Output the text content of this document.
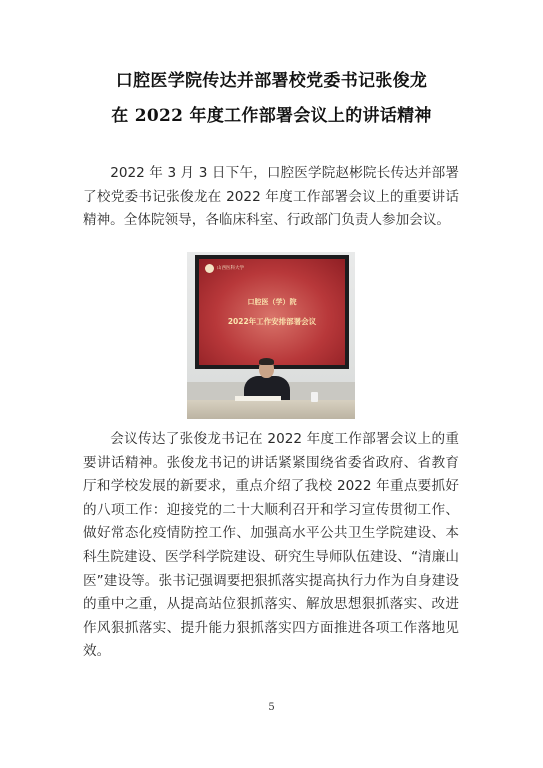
口腔医学院传达并部署校党委书记张俊龙
在 2022 年度工作部署会议上的讲话精神

2022 年 3 月 3 日下午，口腔医学院赵彬院长传达并部署了校党委书记张俊龙在 2022 年度工作部署会议上的重要讲话精神。全体院领导，各临床科室、行政部门负责人参加会议。

山西医科大学
口腔医（学）院
2022年工作安排部署会议

会议传达了张俊龙书记在 2022 年度工作部署会议上的重要讲话精神。张俊龙书记的讲话紧紧围绕省委省政府、省教育厅和学校发展的新要求，重点介绍了我校 2022 年重点要抓好的八项工作：迎接党的二十大顺利召开和学习宣传贯彻工作、做好常态化疫情防控工作、加强高水平公共卫生学院建设、本科生院建设、医学科学院建设、研究生导师队伍建设、“清廉山医”建设等。张书记强调要把狠抓落实提高执行力作为自身建设的重中之重，从提高站位狠抓落实、解放思想狠抓落实、改进作风狠抓落实、提升能力狠抓落实四方面推进各项工作落地见效。

5
